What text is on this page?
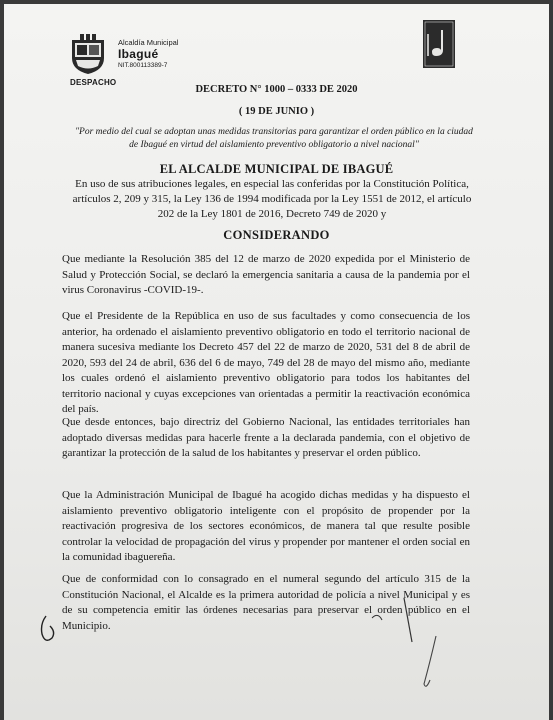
Alcaldía Municipal
Ibagué
NIT.800113389-7
DESPACHO
DECRETO N° 1000 – 0333 DE 2020
( 19 DE JUNIO )
"Por medio del cual se adoptan unas medidas transitorias para garantizar el orden público en la ciudad de Ibagué en virtud del aislamiento preventivo obligatorio a nivel nacional"
EL ALCALDE MUNICIPAL DE IBAGUÉ
En uso de sus atribuciones legales, en especial las conferidas por la Constitución Política, artículos 2, 209 y 315, la Ley 136 de 1994 modificada por la Ley 1551 de 2012, el artículo 202 de la Ley 1801 de 2016, Decreto 749 de 2020 y
CONSIDERANDO
Que mediante la Resolución 385 del 12 de marzo de 2020 expedida por el Ministerio de Salud y Protección Social, se declaró la emergencia sanitaria a causa de la pandemia por el virus Coronavirus -COVID-19-.
Que el Presidente de la República en uso de sus facultades y como consecuencia de los anterior, ha ordenado el aislamiento preventivo obligatorio en todo el territorio nacional de manera sucesiva mediante los Decreto 457 del 22 de marzo de 2020, 531 del 8 de abril de 2020, 593 del 24 de abril, 636 del 6 de mayo, 749 del 28 de mayo del mismo año, mediante los cuales ordenó el aislamiento preventivo obligatorio para todos los habitantes del territorio nacional y cuyas excepciones van orientadas a permitir la reactivación económica del país.
Que desde entonces, bajo directriz del Gobierno Nacional, las entidades territoriales han adoptado diversas medidas para hacerle frente a la declarada pandemia, con el objetivo de garantizar la protección de la salud de los habitantes y preservar el orden público.
Que la Administración Municipal de Ibagué ha acogido dichas medidas y ha dispuesto el aislamiento preventivo obligatorio inteligente con el propósito de propender por la reactivación progresiva de los sectores económicos, de manera tal que resulte posible controlar la velocidad de propagación del virus y propender por mantener el orden social en la comunidad ibaguereña.
Que de conformidad con lo consagrado en el numeral segundo del artículo 315 de la Constitución Nacional, el Alcalde es la primera autoridad de policía a nivel Municipal y es de su competencia emitir las órdenes necesarias para preservar el orden público en el Municipio.
